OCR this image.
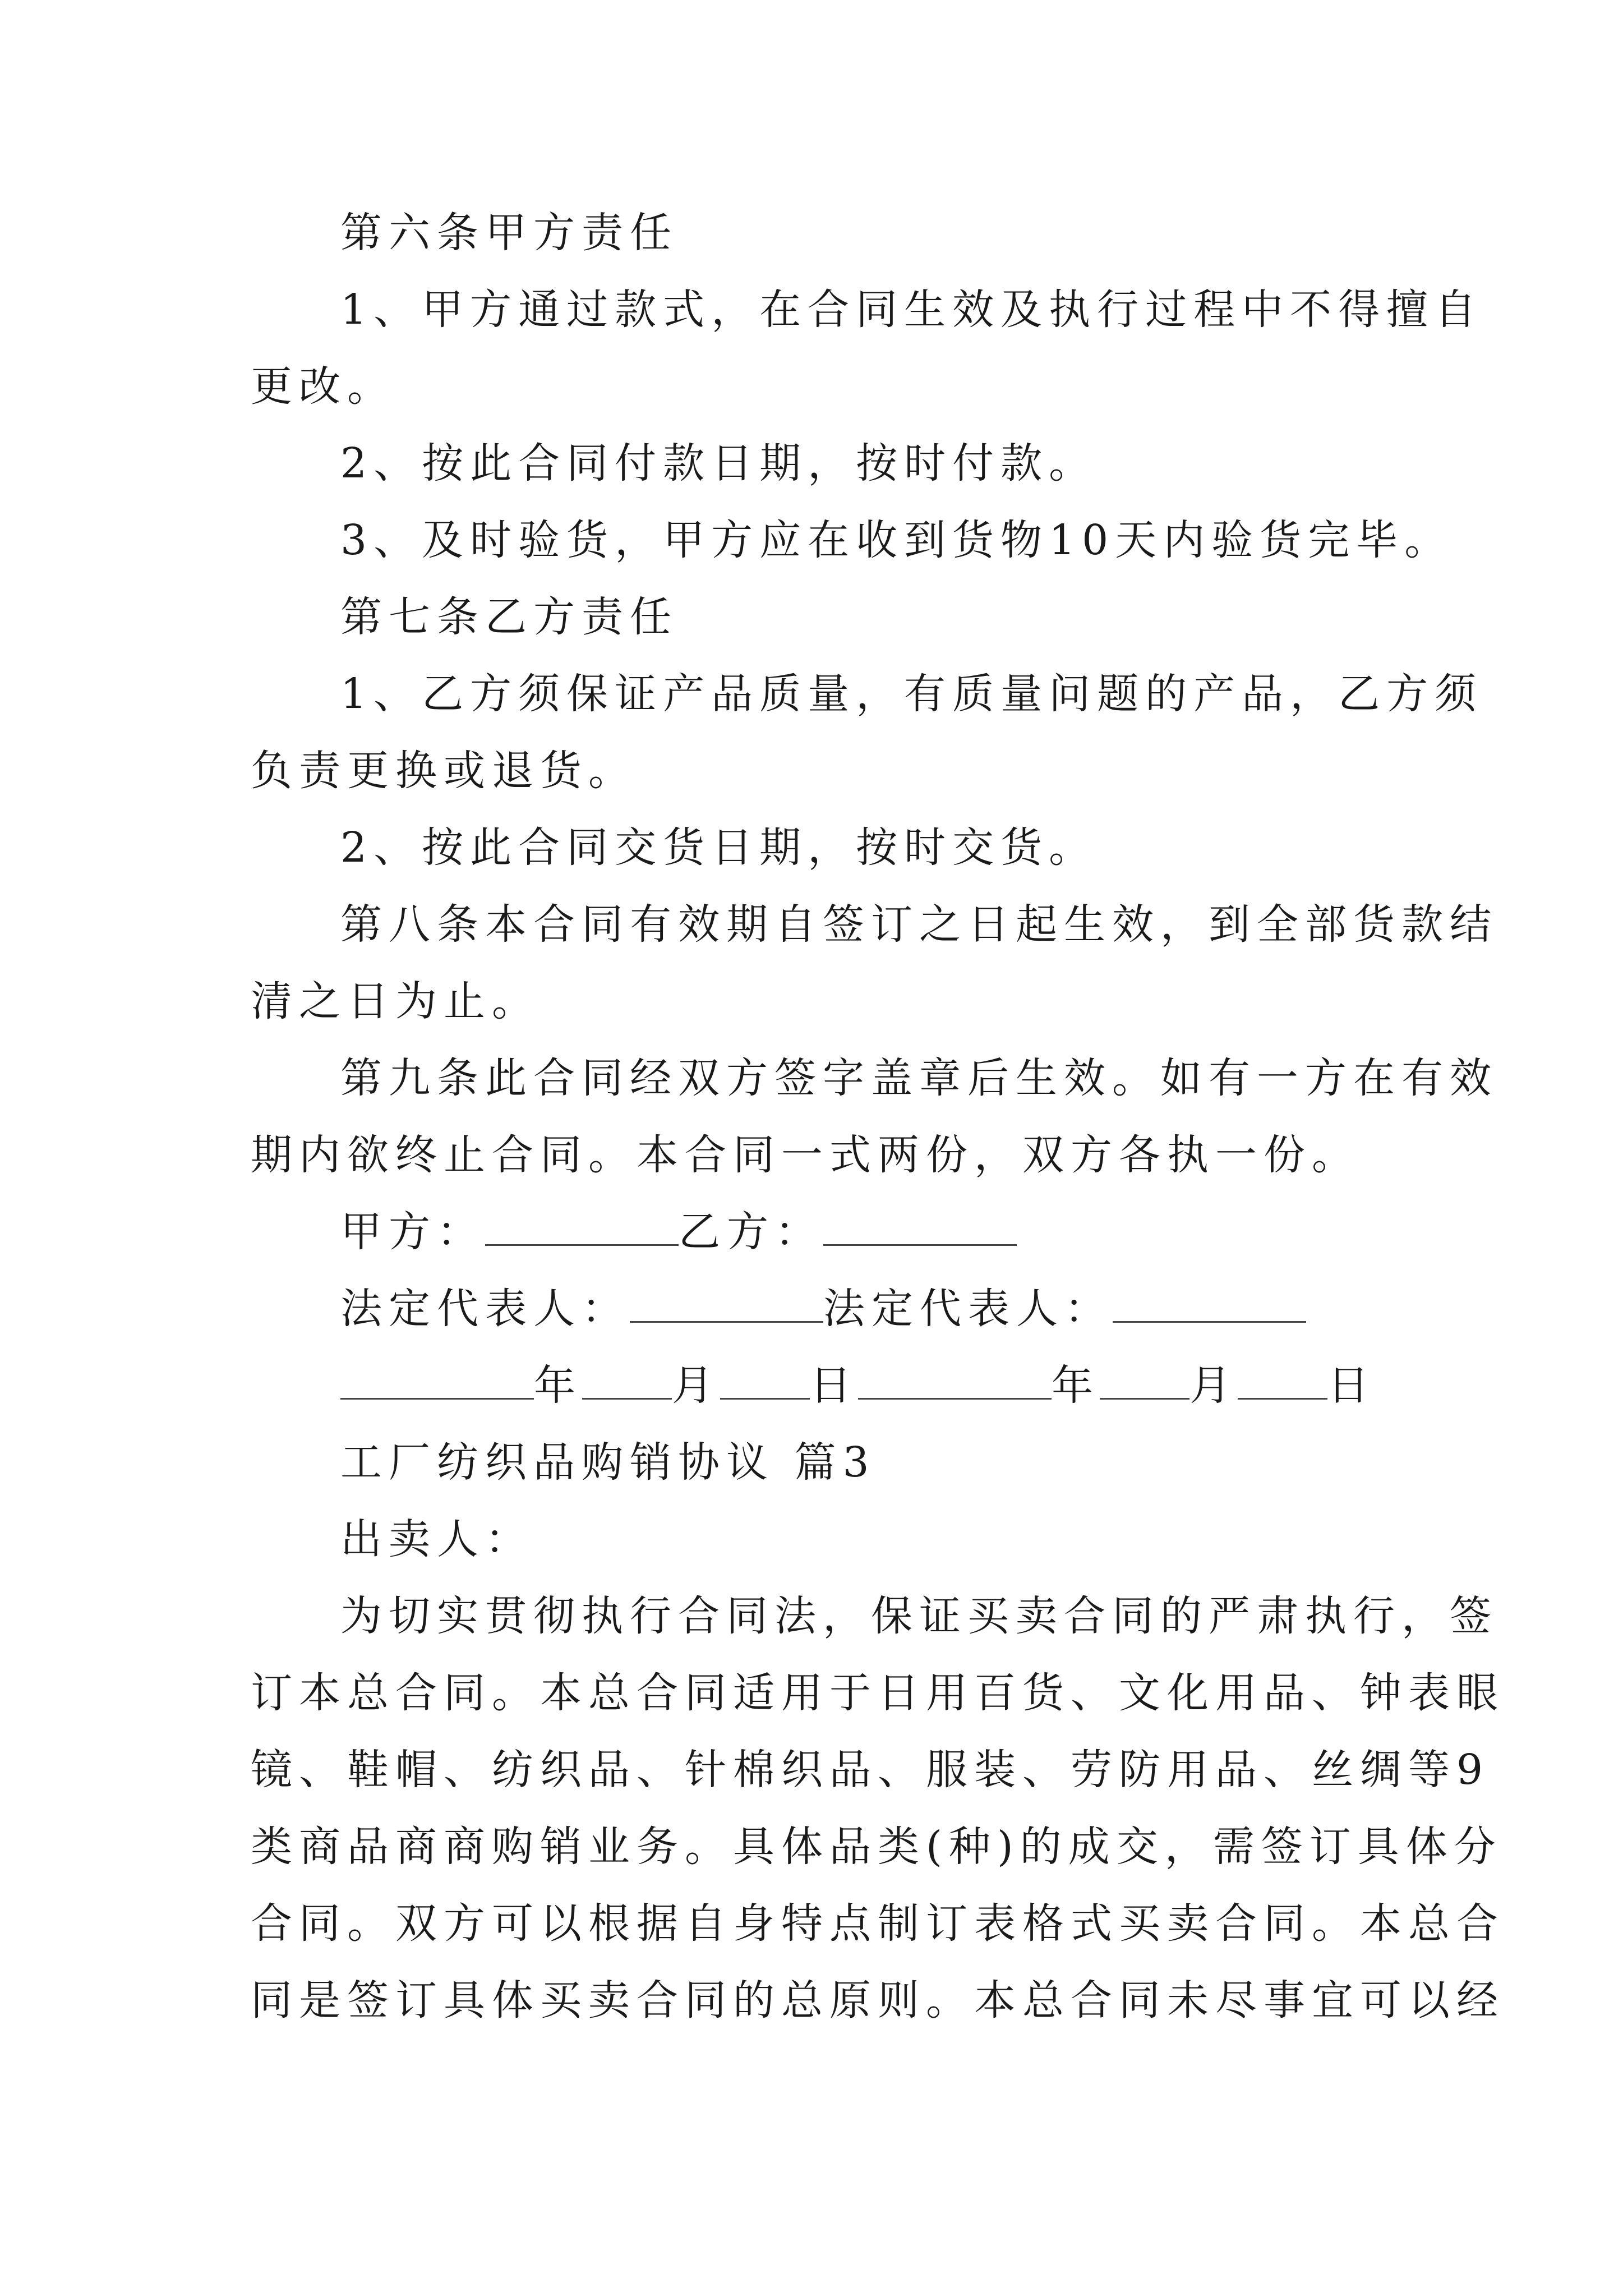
第六条甲方责任
1、甲方通过款式，在合同生效及执行过程中不得擅自
更改。
2、按此合同付款日期，按时付款。
3、及时验货，甲方应在收到货物10天内验货完毕。
第七条乙方责任
1、乙方须保证产品质量，有质量问题的产品，乙方须
负责更换或退货。
2、按此合同交货日期，按时交货。
第八条本合同有效期自签订之日起生效，到全部货款结
清之日为止。
第九条此合同经双方签字盖章后生效。如有一方在有效
期内欲终止合同。本合同一式两份，双方各执一份。
甲方：	乙方：
法定代表人：	法定代表人：
年 月 日	年 月 日
工厂纺织品购销协议 篇3
出卖人：
为切实贯彻执行合同法，保证买卖合同的严肃执行，签
订本总合同。本总合同适用于日用百货、文化用品、钟表眼
镜、鞋帽、纺织品、针棉织品、服装、劳防用品、丝绸等9
类商品商商购销业务。具体品类(种)的成交，需签订具体分
合同。双方可以根据自身特点制订表格式买卖合同。本总合
同是签订具体买卖合同的总原则。本总合同未尽事宜可以经
